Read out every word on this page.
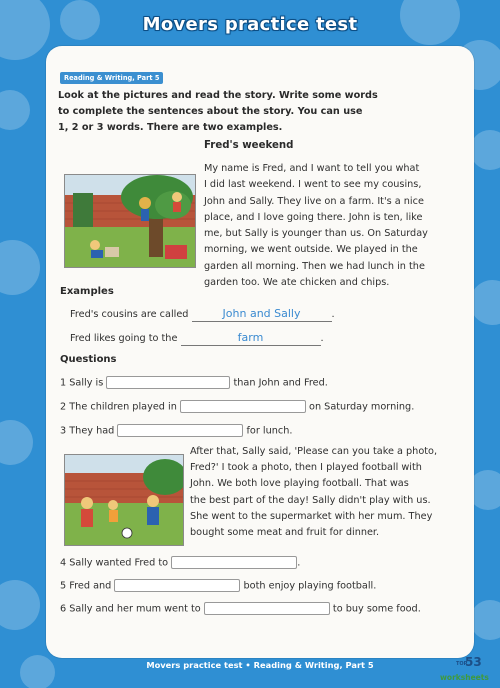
Movers practice test
Reading & Writing, Part 5
Look at the pictures and read the story. Write some words
to complete the sentences about the story. You can use
1, 2 or 3 words. There are two examples.
Fred's weekend
My name is Fred, and I want to tell you what
I did last weekend. I went to see my cousins,
John and Sally. They live on a farm. It's a nice
place, and I love going there. John is ten, like
me, but Sally is younger than us. On Saturday
morning, we went outside. We played in the
garden all morning. Then we had lunch in the
garden too. We ate chicken and chips.
Examples
Fred's cousins are called	John and Sally	.
Fred likes going to the	farm	.
Questions
1 Sally is	than John and Fred.
2 The children played in	on Saturday morning.
3 They had	for lunch.
After that, Sally said, 'Please can you take a photo,
Fred?' I took a photo, then I played football with
John. We both love playing football. That was
the best part of the day! Sally didn't play with us.
She went to the supermarket with her mum. They
bought some meat and fruit for dinner.
4 Sally wanted Fred to	.
5 Fred and	both enjoy playing football.
6 Sally and her mum went to	to buy some food.
Movers practice test • Reading & Writing, Part 5	TOP
53
worksheets
